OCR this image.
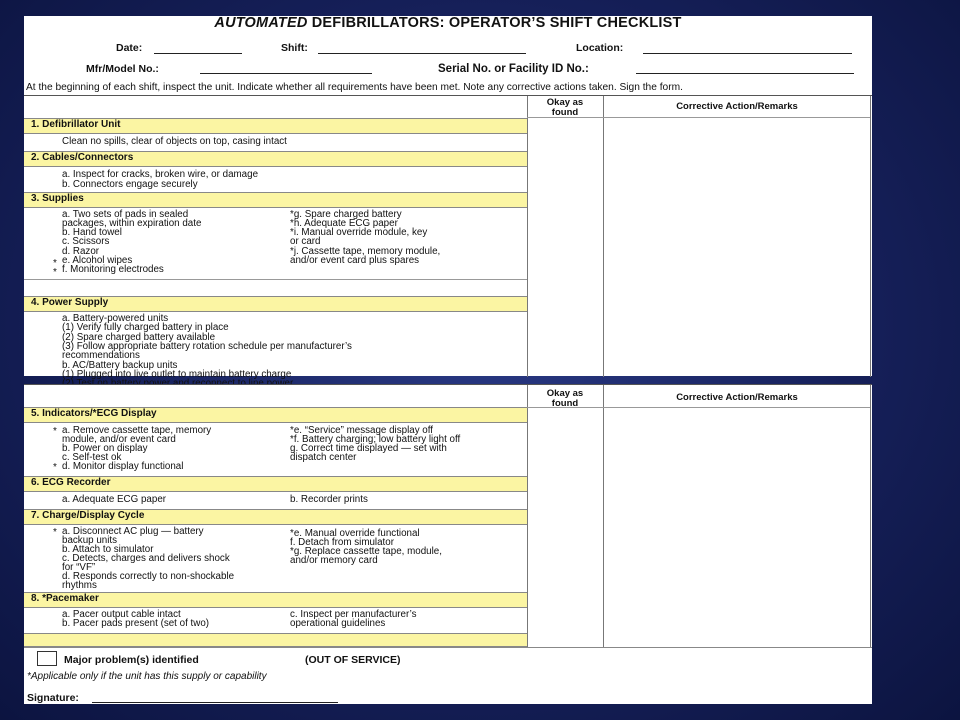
AUTOMATED DEFIBRILLATORS: OPERATOR’S SHIFT CHECKLIST
Date:	Shift:	Location:
Mfr/Model No.:	Serial No. or Facility ID No.:
At the beginning of each shift, inspect the unit. Indicate whether all requirements have been met. Note any corrective actions taken. Sign the form.
Okay as
found
Corrective Action/Remarks
1. Defibrillator Unit
Clean no spills, clear of objects on top, casing intact
2. Cables/Connectors
a. Inspect for cracks, broken wire, or damage
b. Connectors engage securely
3. Supplies
a. Two sets of pads in sealed
packages, within expiration date
b. Hand towel
c. Scissors
d. Razor
* e. Alcohol wipes
* f. Monitoring electrodes
*g. Spare charged battery
*h. Adequate ECG paper
*i. Manual override module, key
or card
*j. Cassette tape, memory module,
and/or event card plus spares
4. Power Supply
a. Battery-powered units
(1) Verify fully charged battery in place
(2) Spare charged battery available
(3) Follow appropriate battery rotation schedule per manufacturer’s
recommendations
b. AC/Battery backup units
(1) Plugged into live outlet to maintain battery charge
Okay as
found
Corrective Action/Remarks
5. Indicators/*ECG Display
* a. Remove cassette tape, memory
module, and/or event card
b. Power on display
c. Self-test ok
* d. Monitor display functional
*e. “Service” message display off
*f. Battery charging; low battery light off
g. Correct time displayed — set with
dispatch center
6. ECG Recorder
a. Adequate ECG paper	b. Recorder prints
7. Charge/Display Cycle
* a. Disconnect AC plug — battery
backup units
b. Attach to simulator
c. Detects, charges and delivers shock
for “VF”
d. Responds correctly to non-shockable
rhythms
*e. Manual override functional
f. Detach from simulator
*g. Replace cassette tape, module,
and/or memory card
8. *Pacemaker
a. Pacer output cable intact
b. Pacer pads present (set of two)
c. Inspect per manufacturer’s
operational guidelines
Major problem(s) identified	(OUT OF SERVICE)
*Applicable only if the unit has this supply or capability
Signature:
